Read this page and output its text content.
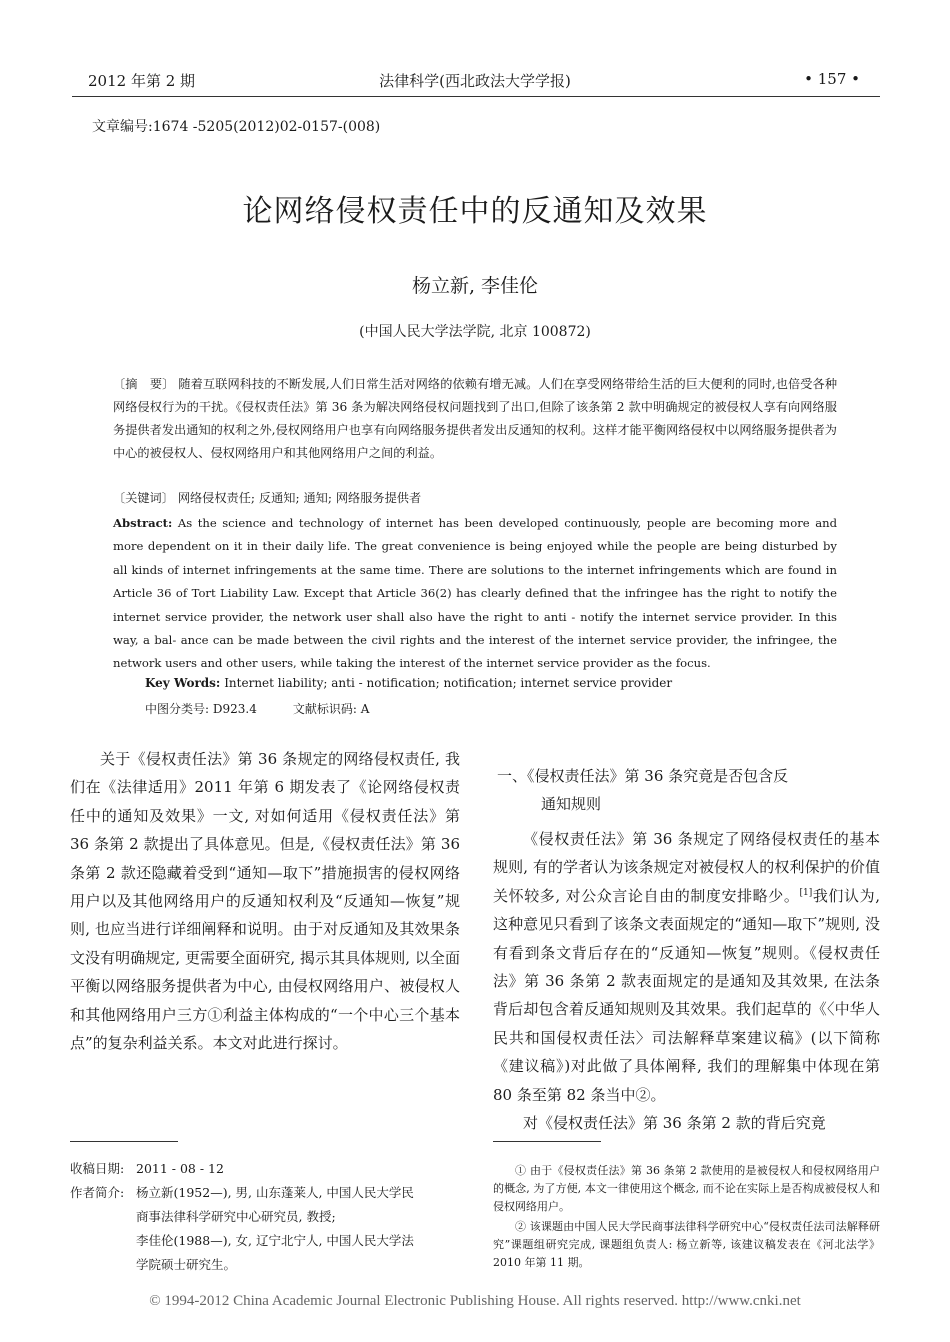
2012 年第 2 期	法律科学(西北政法大学学报)	• 157 •
文章编号:1674 -5205(2012)02-0157-(008)
论网络侵权责任中的反通知及效果
杨立新, 李佳伦
(中国人民大学法学院, 北京 100872)
〔摘　要〕 随着互联网科技的不断发展,人们日常生活对网络的依赖有增无减。人们在享受网络带给生活的巨大便利的同时,也倍受各种网络侵权行为的干扰。《侵权责任法》第 36 条为解决网络侵权问题找到了出口,但除了该条第 2 款中明确规定的被侵权人享有向网络服务提供者发出通知的权利之外,侵权网络用户也享有向网络服务提供者发出反通知的权利。这样才能平衡网络侵权中以网络服务提供者为中心的被侵权人、侵权网络用户和其他网络用户之间的利益。
〔关键词〕 网络侵权责任; 反通知; 通知; 网络服务提供者
Abstract: As the science and technology of internet has been developed continuously, people are becoming more and more dependent on it in their daily life. The great convenience is being enjoyed while the people are being disturbed by all kinds of internet infringements at the same time. There are solutions to the internet infringements which are found in Article 36 of Tort Liability Law. Except that Article 36(2) has clearly defined that the infringee has the right to notify the internet service provider, the network user shall also have the right to anti - notify the internet service provider. In this way, a bal- ance can be made between the civil rights and the interest of the internet service provider, the infringee, the network users and other users, while taking the interest of the internet service provider as the focus.
Key Words: Internet liability; anti - notification; notification; internet service provider
中图分类号: D923.4	文献标识码: A
关于《侵权责任法》第 36 条规定的网络侵权责任, 我们在《法律适用》2011 年第 6 期发表了《论网络侵权责任中的通知及效果》一文, 对如何适用《侵权责任法》第 36 条第 2 款提出了具体意见。但是,《侵权责任法》第 36 条第 2 款还隐藏着受到“通知—取下”措施损害的侵权网络用户以及其他网络用户的反通知权利及“反通知—恢复”规则, 也应当进行详细阐释和说明。由于对反通知及其效果条文没有明确规定, 更需要全面研究, 揭示其具体规则, 以全面平衡以网络服务提供者为中心, 由侵权网络用户、被侵权人和其他网络用户三方①利益主体构成的“一个中心三个基本点”的复杂利益关系。本文对此进行探讨。
一、《侵权责任法》第 36 条究竟是否包含反
通知规则

《侵权责任法》第 36 条规定了网络侵权责任的基本规则, 有的学者认为该条规定对被侵权人的权利保护的价值关怀较多, 对公众言论自由的制度安排略少。[1]我们认为, 这种意见只看到了该条文表面规定的“通知—取下”规则, 没有看到条文背后存在的“反通知—恢复”规则。《侵权责任法》第 36 条第 2 款表面规定的是通知及其效果, 在法条背后却包含着反通知规则及其效果。我们起草的《〈中华人民共和国侵权责任法〉司法解释草案建议稿》(以下简称《建议稿》)对此做了具体阐释, 我们的理解集中体现在第 80 条至第 82 条当中②。

对《侵权责任法》第 36 条第 2 款的背后究竟

收稿日期: 2011 - 08 - 12
作者简介: 杨立新(1952—), 男, 山东蓬莱人, 中国人民大学民
商事法律科学研究中心研究员, 教授;
李佳伦(1988—), 女, 辽宁北宁人, 中国人民大学法
学院硕士研究生。

① 由于《侵权责任法》第 36 条第 2 款使用的是被侵权人和侵权网络用户的概念, 为了方便, 本文一律使用这个概念, 而不论在实际上是否构成被侵权人和侵权网络用户。

② 该课题由中国人民大学民商事法律科学研究中心“侵权责任法司法解释研究”课题组研究完成, 课题组负责人: 杨立新等, 该建议稿发表在《河北法学》2010 年第 11 期。

© 1994-2012 China Academic Journal Electronic Publishing House. All rights reserved. http://www.cnki.net
